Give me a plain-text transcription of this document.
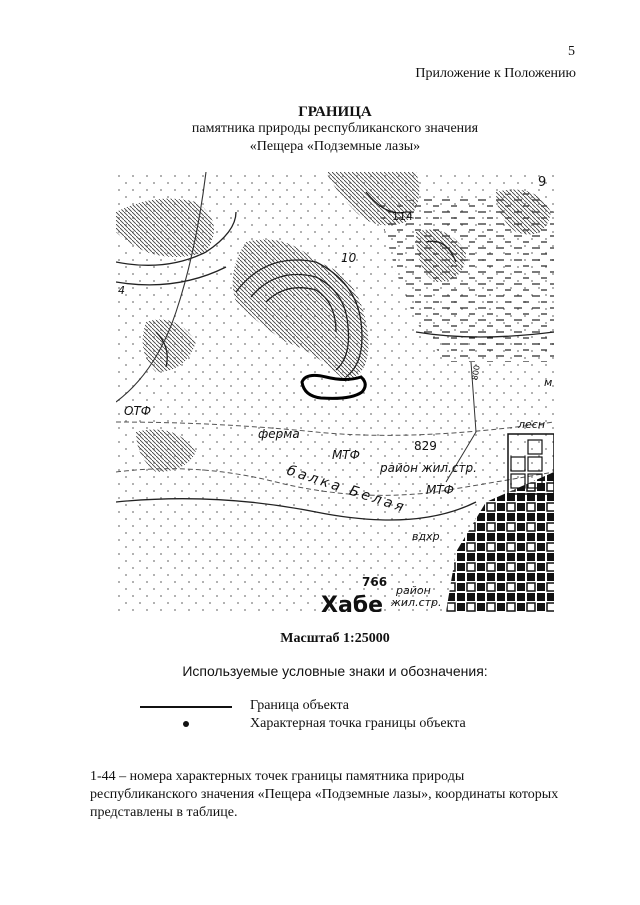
5
Приложение к Положению
ГРАНИЦА
памятника природы республиканского значения
«Пещера «Подземные лазы»
9
114
10
4
800
ОТФ
ферма
МТФ
829
район жил.стр.
балка Белая МТФ
лесн
м
вдхр
766
район
жил.стр.
Хабе
Масштаб 1:25000
Используемые условные знаки и обозначения:
Граница объекта
Характерная точка границы объекта
1-44 – номера характерных точек границы памятника природы республиканского значения «Пещера «Подземные лазы», координаты которых представлены в таблице.
